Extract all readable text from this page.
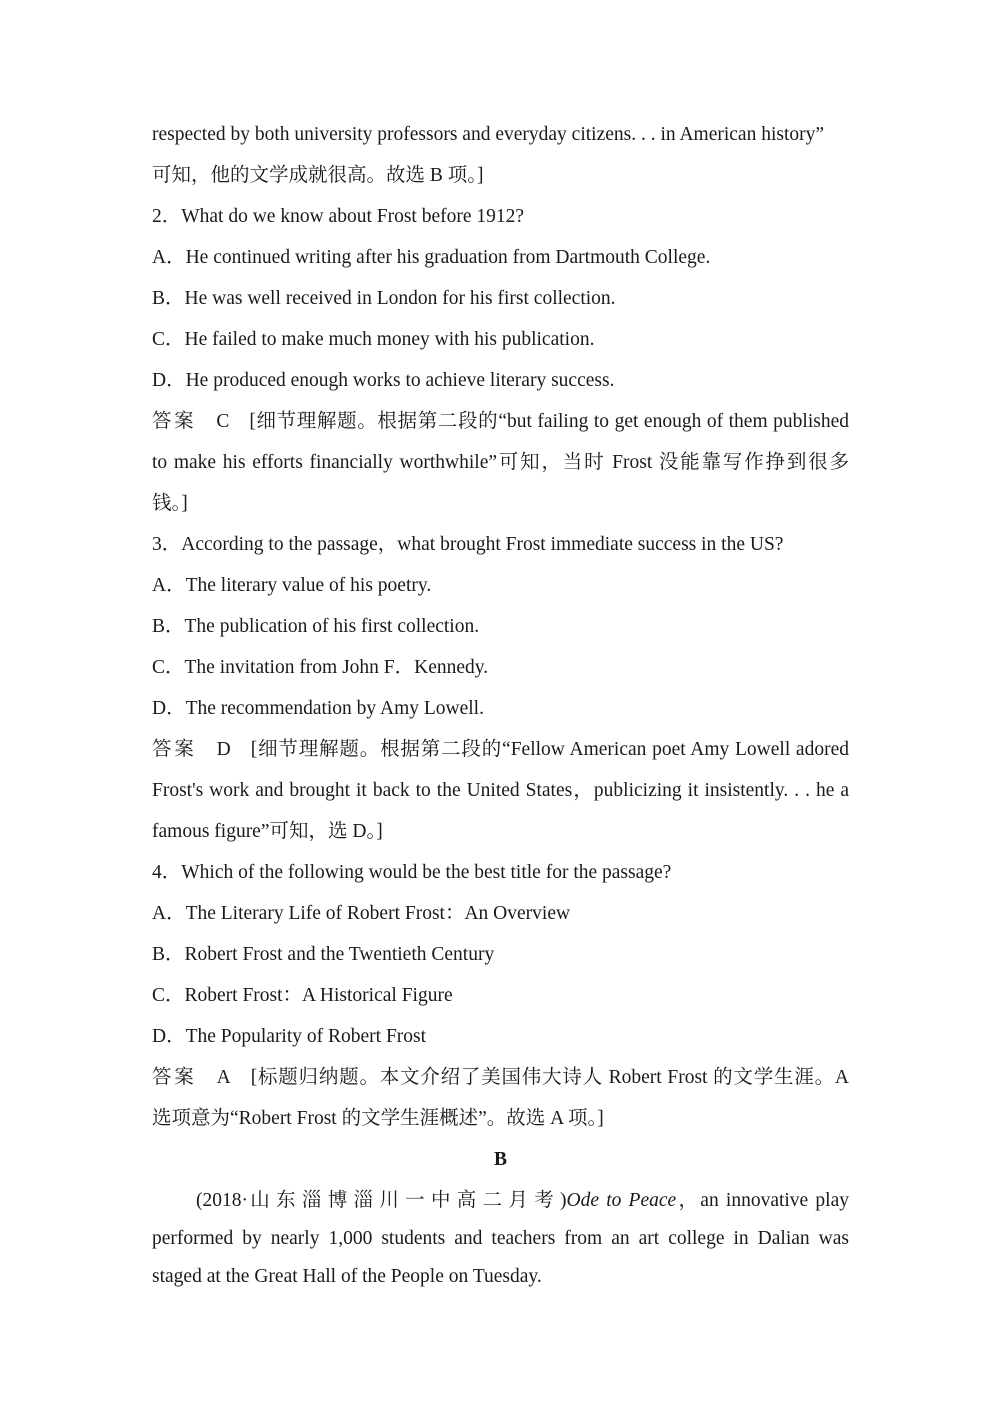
respected by both university professors and everyday citizens. . . in American history”

可知，他的文学成就很高。故选 B 项。]

2．What do we know about Frost before 1912?

A．He continued writing after his graduation from Dartmouth College.

B．He was well received in London for his first collection.

C．He failed to make much money with his publication.

D．He produced enough works to achieve literary success.

答案 C [细节理解题。根据第二段的“but failing to get enough of them published

to make his efforts financially worthwhile”可知，当时 Frost 没能靠写作挣到很多

钱。]

3．According to the passage，what brought Frost immediate success in the US?

A．The literary value of his poetry.

B．The publication of his first collection.

C．The invitation from John F．Kennedy.

D．The recommendation by Amy Lowell.

答案 D [细节理解题。根据第二段的“Fellow American poet Amy Lowell adored

Frost's work and brought it back to the United States，publicizing it insistently. . . he a

famous figure”可知，选 D。]

4．Which of the following would be the best title for the passage?

A．The Literary Life of Robert Frost：An Overview

B．Robert Frost and the Twentieth Century

C．Robert Frost：A Historical Figure

D．The Popularity of Robert Frost

答案 A [标题归纳题。本文介绍了美国伟大诗人 Robert Frost 的文学生涯。A

选项意为“Robert Frost 的文学生涯概述”。故选 A 项。]

B

(2018·山东淄博淄川一中高二月考)Ode to Peace，an innovative play

performed by nearly 1,000 students and teachers from an art college in Dalian was

staged at the Great Hall of the People on Tuesday.
